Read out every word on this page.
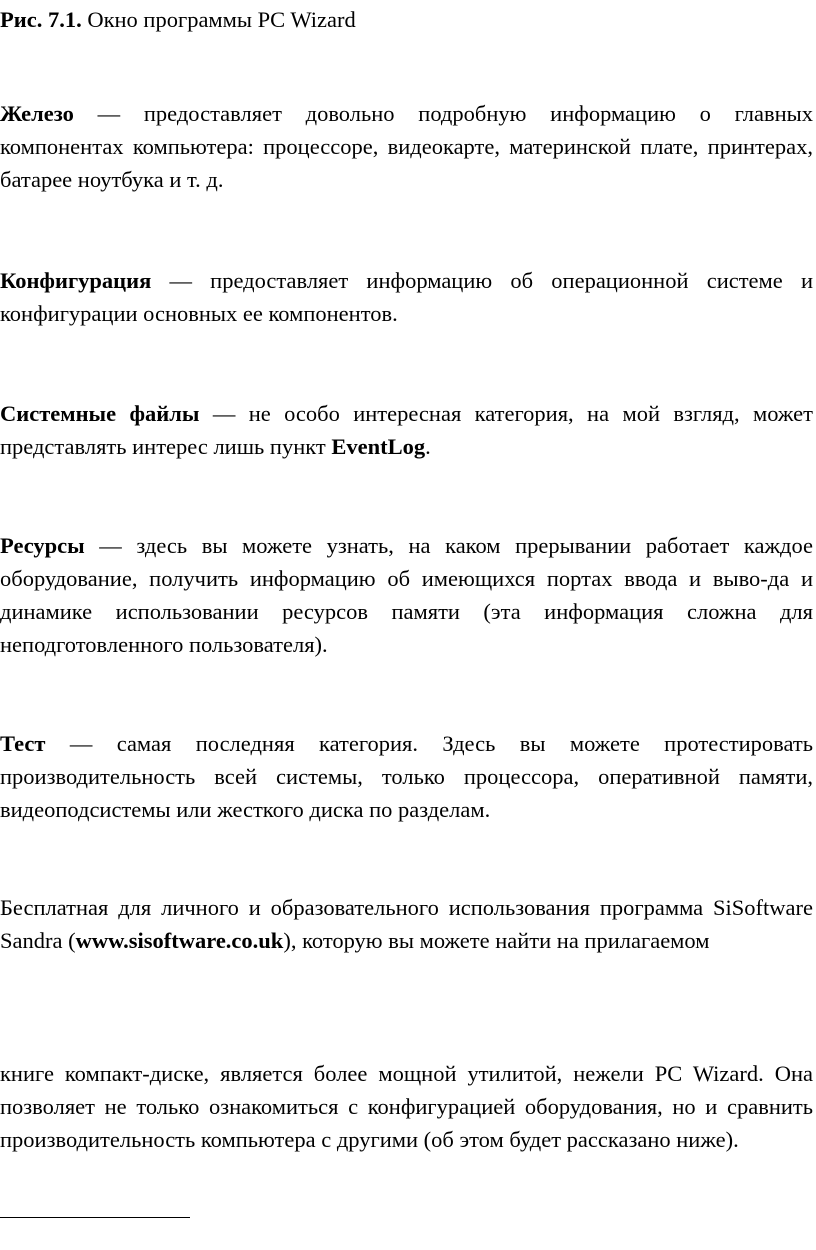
Рис. 7.1. Окно программы PC Wizard

Железо — предоставляет довольно подробную информацию о главных компонентах компьютера: процессоре, видеокарте, материнской плате, принтерах, батарее ноутбука и т. д.

Конфигурация — предоставляет информацию об операционной системе и конфигурации основных ее компонентов.

Системные файлы — не особо интересная категория, на мой взгляд, может представлять интерес лишь пункт EventLog.

Ресурсы — здесь вы можете узнать, на каком прерывании работает каждое оборудование, получить информацию об имеющихся портах ввода и выво-да и динамике использовании ресурсов памяти (эта информация сложна для неподготовленного пользователя).

Тест — самая последняя категория. Здесь вы можете протестировать производительность всей системы, только процессора, оперативной памяти, видеоподсистемы или жесткого диска по разделам.

Бесплатная для личного и образовательного использования программа SiSoftware Sandra (www.sisoftware.co.uk), которую вы можете найти на прилагаемом

книге компакт-диске, является более мощной утилитой, нежели PC Wizard. Она позволяет не только ознакомиться с конфигурацией оборудования, но и сравнить производительность компьютера с другими (об этом будет рассказано ниже).
